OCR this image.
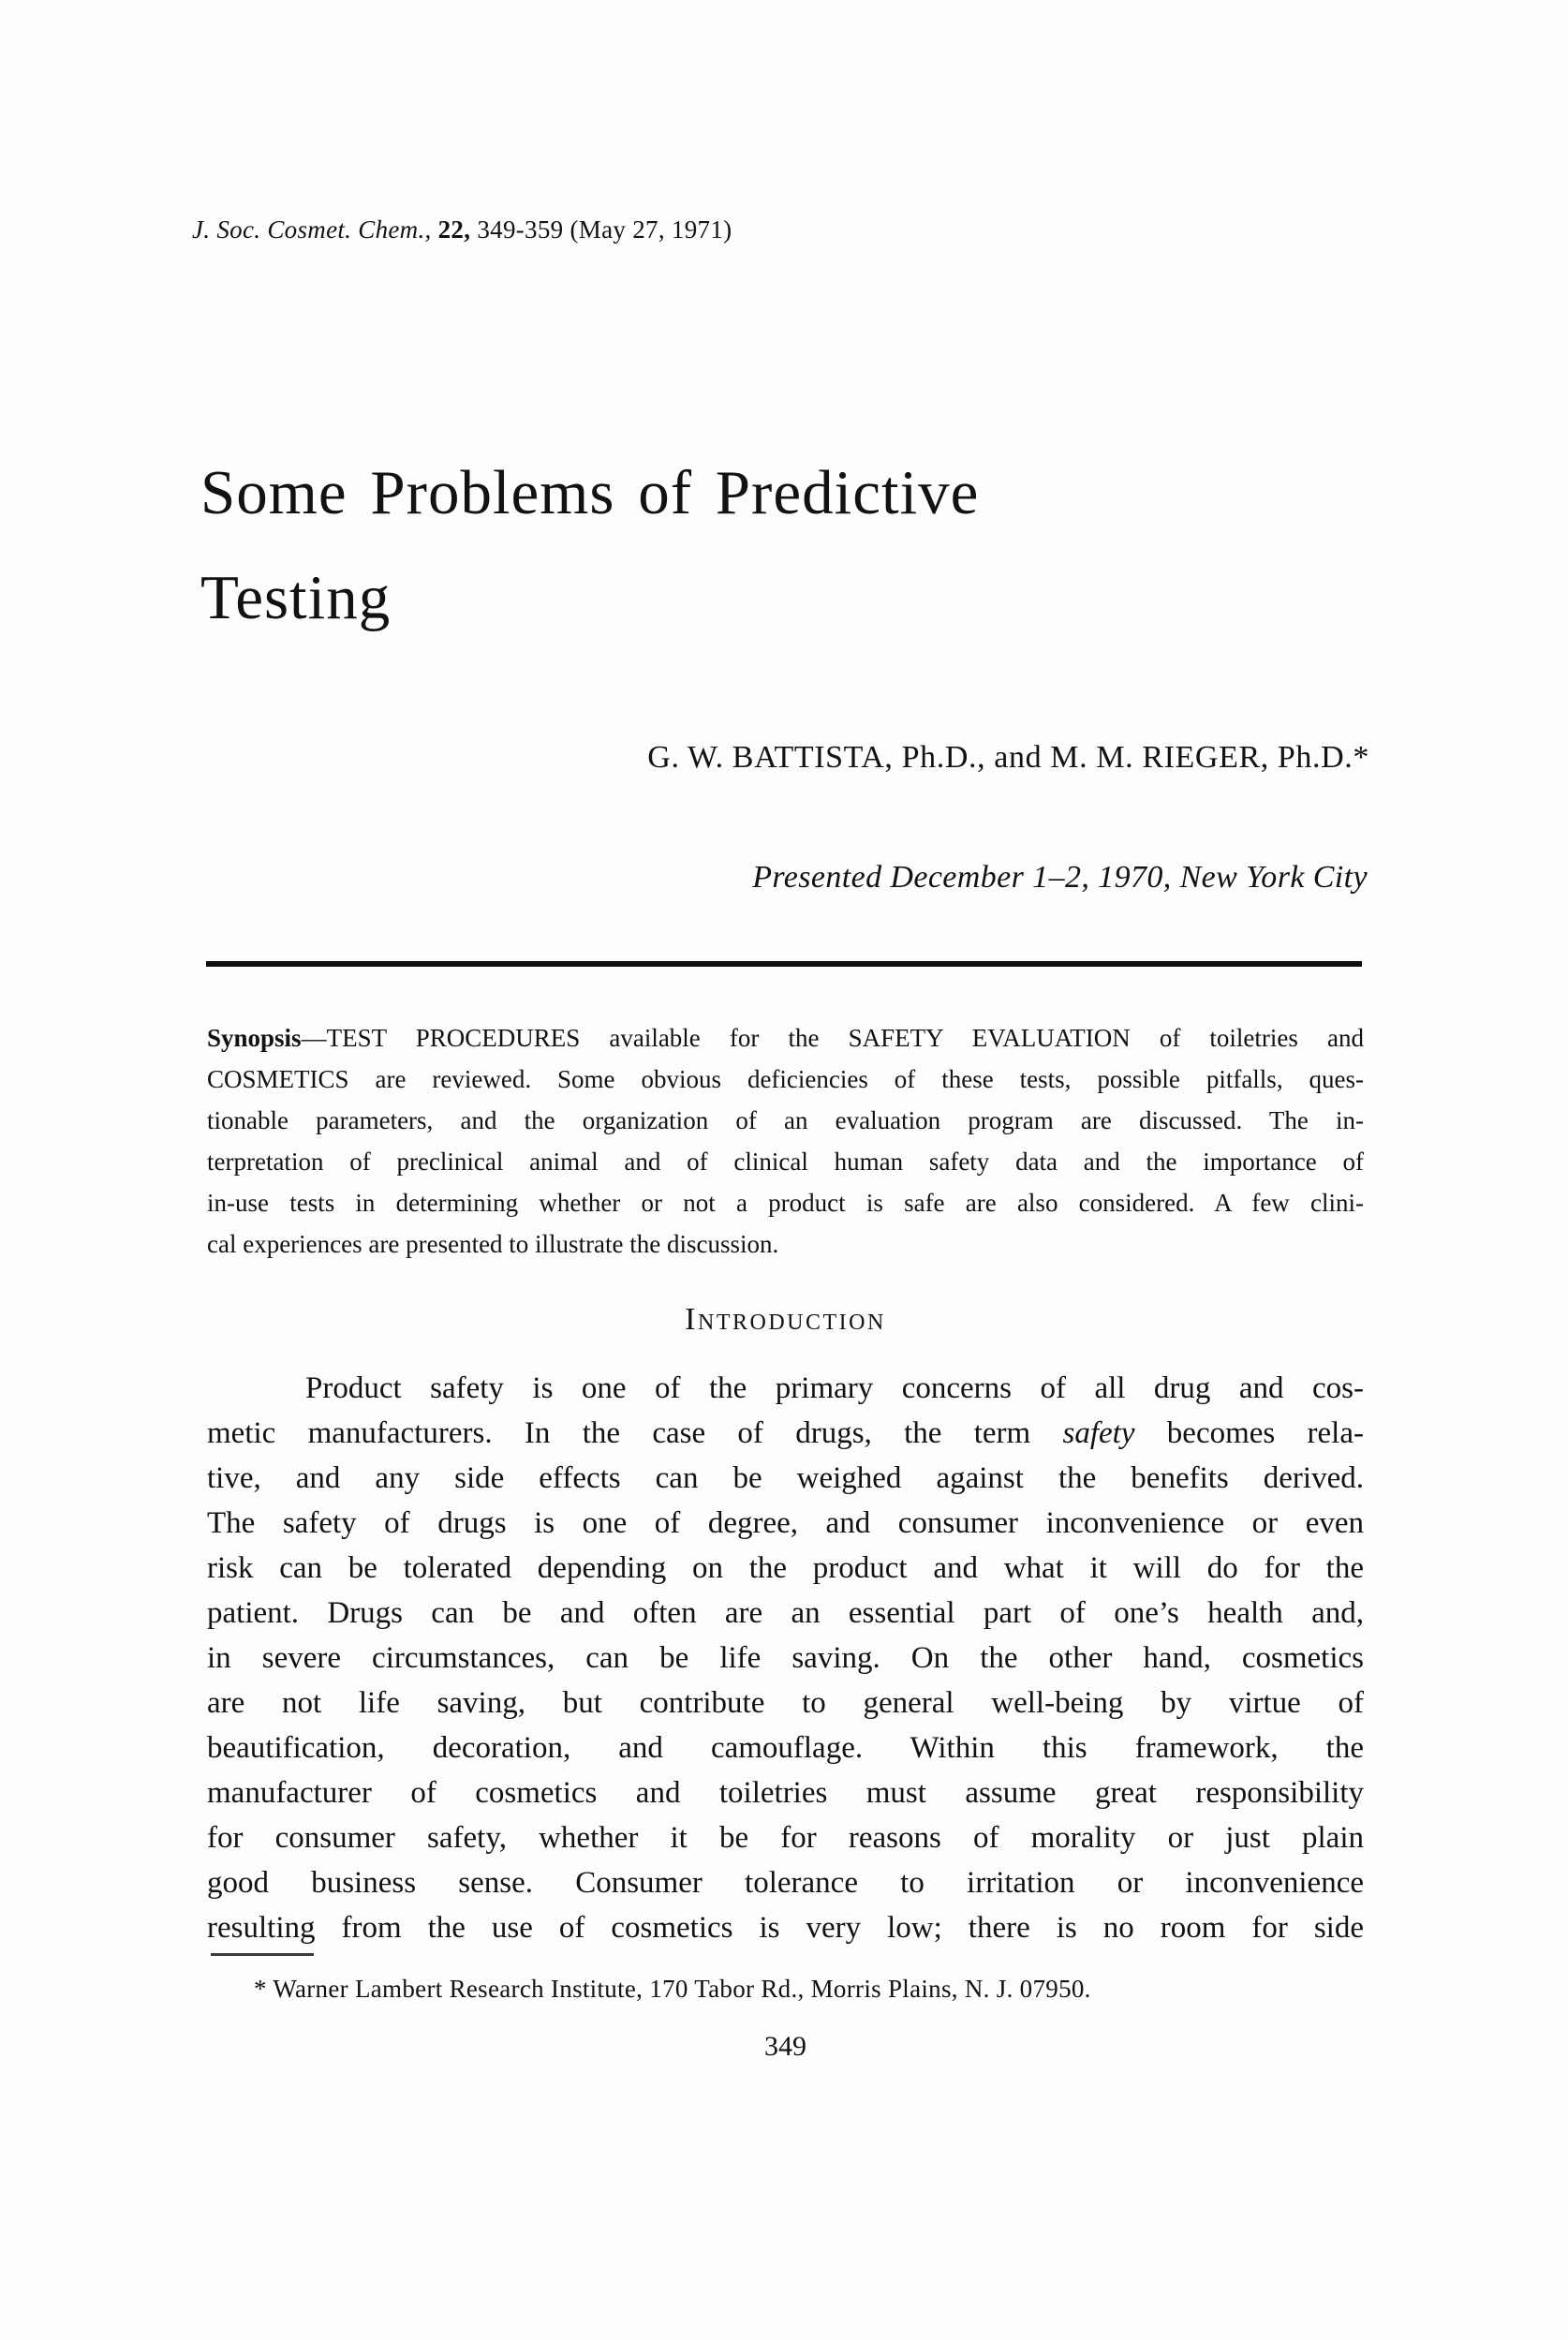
J. Soc. Cosmet. Chem., 22, 349-359 (May 27, 1971)
Some Problems of Predictive
Testing
G. W. BATTISTA, Ph.D., and M. M. RIEGER, Ph.D.*
Presented December 1–2, 1970, New York City
Synopsis—TEST PROCEDURES available for the SAFETY EVALUATION of toiletries and
COSMETICS are reviewed. Some obvious deficiencies of these tests, possible pitfalls, ques-
tionable parameters, and the organization of an evaluation program are discussed. The in-
terpretation of preclinical animal and of clinical human safety data and the importance of
in-use tests in determining whether or not a product is safe are also considered. A few clini-
cal experiences are presented to illustrate the discussion.
Introduction
Product safety is one of the primary concerns of all drug and cos-
metic manufacturers. In the case of drugs, the term safety becomes rela-
tive, and any side effects can be weighed against the benefits derived.
The safety of drugs is one of degree, and consumer inconvenience or even
risk can be tolerated depending on the product and what it will do for the
patient. Drugs can be and often are an essential part of one’s health and,
in severe circumstances, can be life saving. On the other hand, cosmetics
are not life saving, but contribute to general well-being by virtue of
beautification, decoration, and camouflage. Within this framework, the
manufacturer of cosmetics and toiletries must assume great responsibility
for consumer safety, whether it be for reasons of morality or just plain
good business sense. Consumer tolerance to irritation or inconvenience
resulting from the use of cosmetics is very low; there is no room for side
* Warner Lambert Research Institute, 170 Tabor Rd., Morris Plains, N. J. 07950.
349
